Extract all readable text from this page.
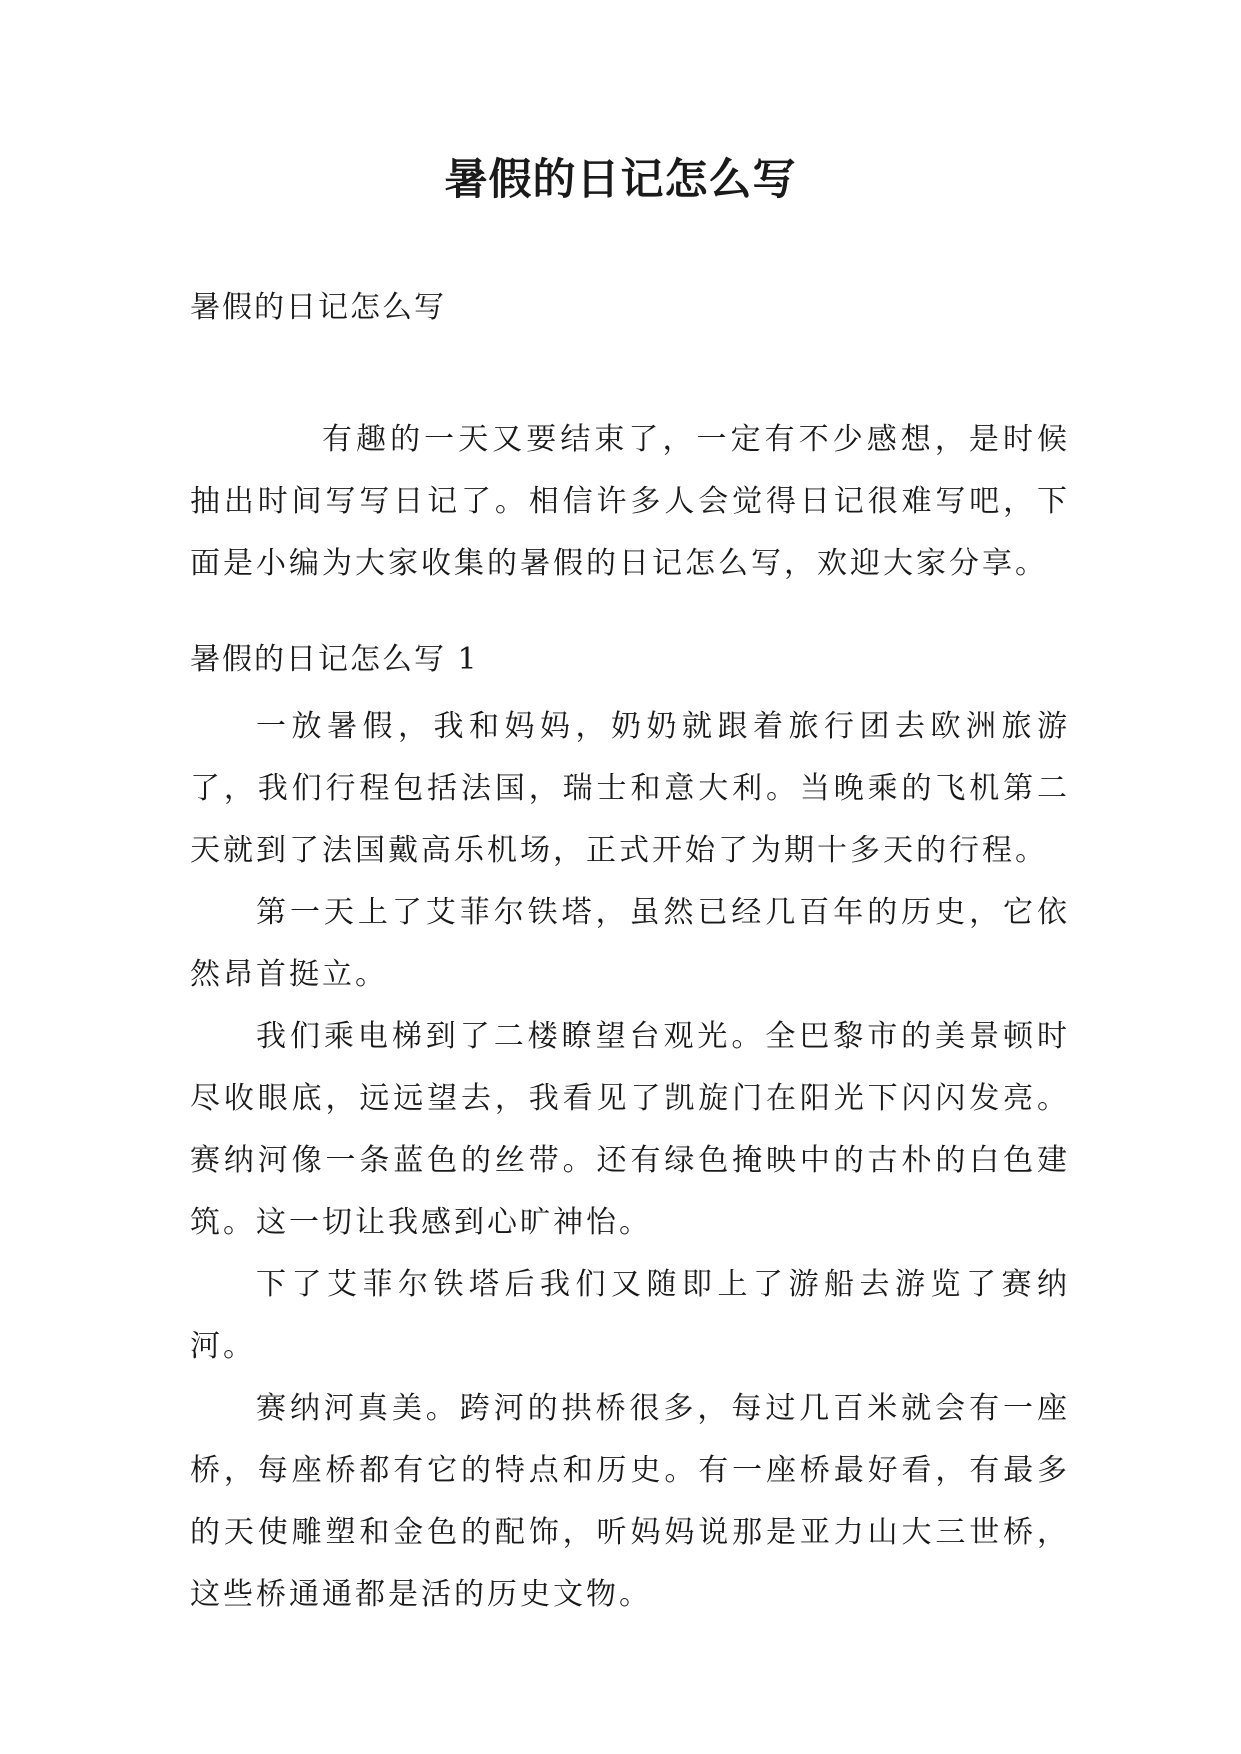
暑假的日记怎么写
暑假的日记怎么写

有趣的一天又要结束了，一定有不少感想，是时候抽出时间写写日记了。相信许多人会觉得日记很难写吧，下面是小编为大家收集的暑假的日记怎么写，欢迎大家分享。

暑假的日记怎么写 1

一放暑假，我和妈妈，奶奶就跟着旅行团去欧洲旅游了，我们行程包括法国，瑞士和意大利。当晚乘的飞机第二天就到了法国戴高乐机场，正式开始了为期十多天的行程。

第一天上了艾菲尔铁塔，虽然已经几百年的历史，它依然昂首挺立。

我们乘电梯到了二楼瞭望台观光。全巴黎市的美景顿时尽收眼底，远远望去，我看见了凯旋门在阳光下闪闪发亮。赛纳河像一条蓝色的丝带。还有绿色掩映中的古朴的白色建筑。这一切让我感到心旷神怡。

下了艾菲尔铁塔后我们又随即上了游船去游览了赛纳河。

赛纳河真美。跨河的拱桥很多，每过几百米就会有一座桥，每座桥都有它的特点和历史。有一座桥最好看，有最多的天使雕塑和金色的配饰，听妈妈说那是亚力山大三世桥，这些桥通通都是活的历史文物。
